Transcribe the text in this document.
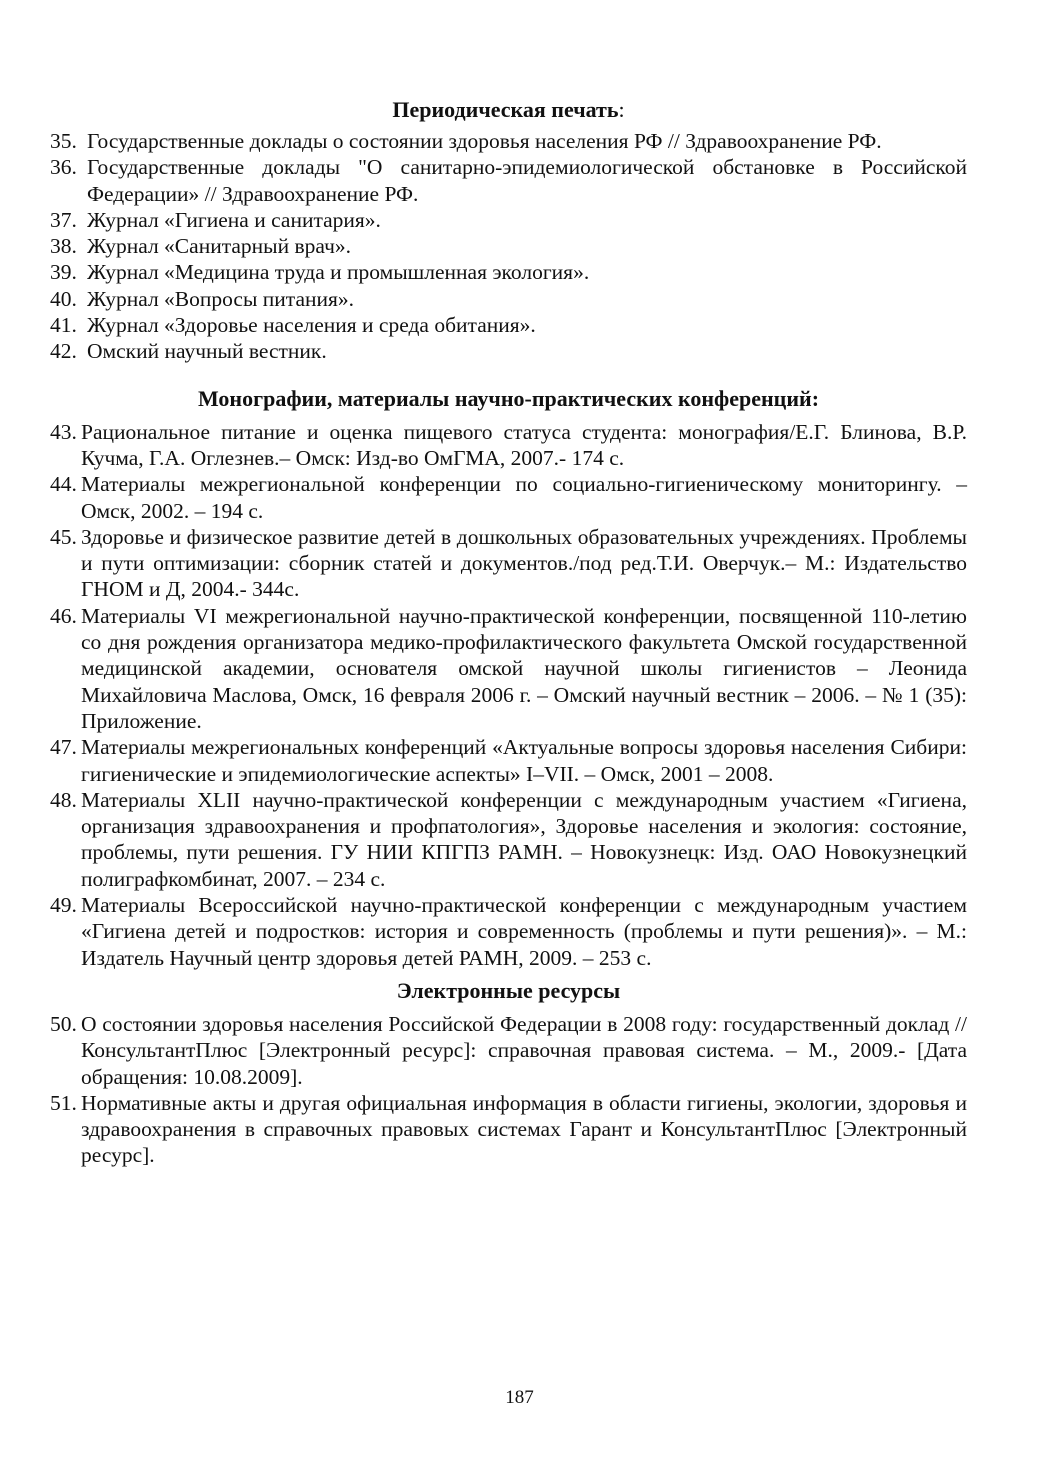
Периодическая печать:
35. Государственные доклады о состоянии здоровья населения РФ // Здравоохранение РФ.
36. Государственные доклады "О санитарно-эпидемиологической обстановке в Российской Федерации» // Здравоохранение РФ.
37. Журнал «Гигиена и санитария».
38. Журнал «Санитарный врач».
39. Журнал «Медицина труда и промышленная экология».
40. Журнал «Вопросы питания».
41. Журнал «Здоровье населения и среда обитания».
42. Омский научный вестник.
Монографии, материалы научно-практических конференций:
43. Рациональное питание и оценка пищевого статуса студента: монография/Е.Г. Блинова, В.Р. Кучма, Г.А. Оглезнев.– Омск: Изд-во ОмГМА, 2007.- 174 с.
44. Материалы межрегиональной конференции по социально-гигиеническому мониторингу. – Омск, 2002. – 194 с.
45. Здоровье и физическое развитие детей в дошкольных образовательных учреждениях. Проблемы и пути оптимизации: сборник статей и документов./под ред.Т.И. Оверчук.– М.: Издательство ГНОМ и Д, 2004.- 344с.
46. Материалы VI межрегиональной научно-практической конференции, посвященной 110-летию со дня рождения организатора медико-профилактического факультета Омской государственной медицинской академии, основателя омской научной школы гигиенистов – Леонида Михайловича Маслова, Омск, 16 февраля 2006 г. – Омский научный вестник – 2006. – № 1 (35): Приложение.
47. Материалы межрегиональных конференций «Актуальные вопросы здоровья населения Сибири: гигиенические и эпидемиологические аспекты» I–VII. – Омск, 2001 – 2008.
48. Материалы XLII научно-практической конференции с международным участием «Гигиена, организация здравоохранения и профпатология», Здоровье населения и экология: состояние, проблемы, пути решения. ГУ НИИ КПГПЗ РАМН. – Новокузнецк: Изд. ОАО Новокузнецкий полиграфкомбинат, 2007. – 234 с.
49. Материалы Всероссийской научно-практической конференции с международным участием «Гигиена детей и подростков: история и современность (проблемы и пути решения)». – М.: Издатель Научный центр здоровья детей РАМН, 2009. – 253 с.
Электронные ресурсы
50. О состоянии здоровья населения Российской Федерации в 2008 году: государственный доклад // КонсультантПлюс [Электронный ресурс]: справочная правовая система. – М., 2009.- [Дата обращения: 10.08.2009].
51. Нормативные акты и другая официальная информация в области гигиены, экологии, здоровья и здравоохранения в справочных правовых системах Гарант и КонсультантПлюс [Электронный ресурс].
187
